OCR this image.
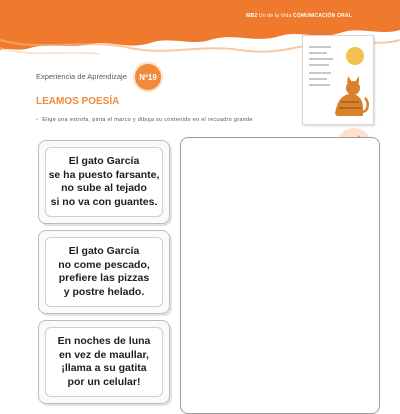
MB2 Un de la Vida COMUNICACIÓN ORAL
Experiencia de Aprendizaje	Nº19
LEAMOS POESÍA
• Elige una estrofa, pinta el marco y dibuja su contenido en el recuadro grande

El gato García
se ha puesto farsante,
no sube al tejado
si no va con guantes.

El gato García
no come pescado,
prefiere las pizzas
y postre helado.

En noches de luna
en vez de maullar,
¡llama a su gatita
por un celular!
